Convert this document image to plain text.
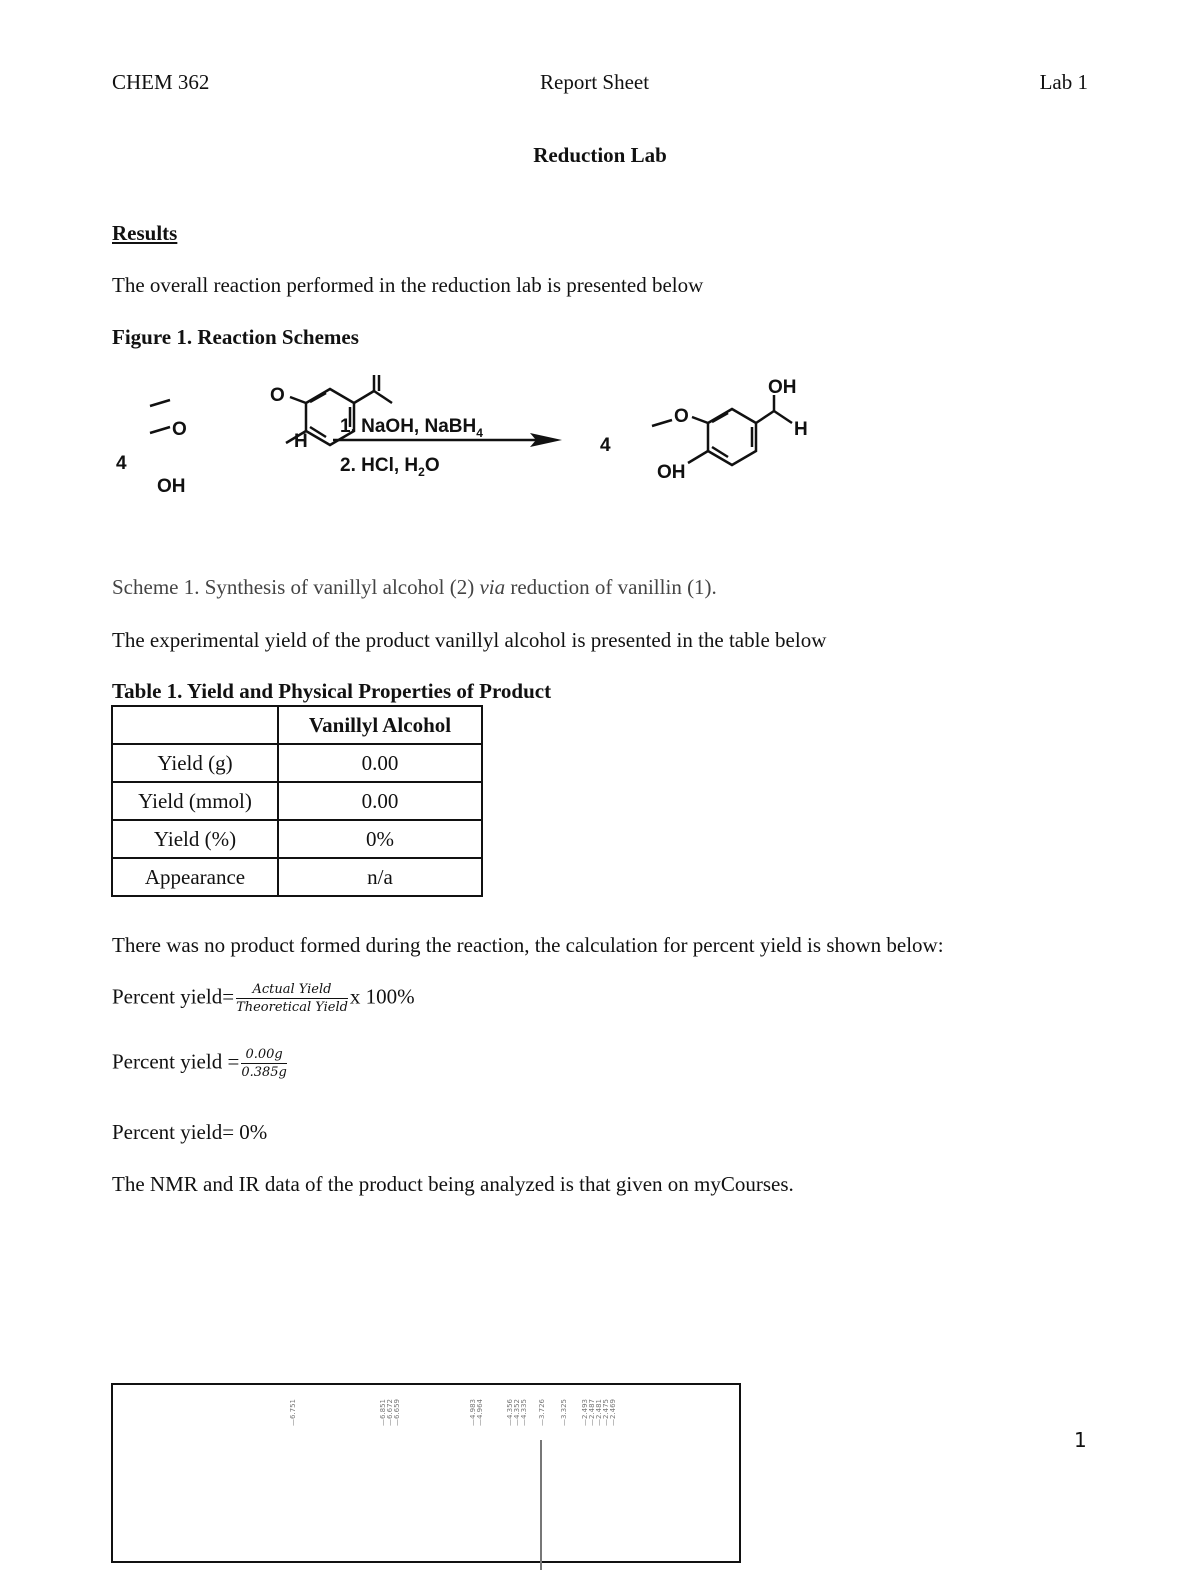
CHEM 362	Report Sheet	Lab 1
Reduction Lab
Results
The overall reaction performed in the reduction lab is presented below
Figure 1. Reaction Schemes
4
O
O
H
OH
1. NaOH, NaBH$_4$
2. HCl, $H_2O$
4
O
OH
H
OH
Scheme 1. Synthesis of vanillyl alcohol (2) via reduction of vanillin (1).
The experimental yield of the product vanillyl alcohol is presented in the table below
Table 1. Yield and Physical Properties of Product
	Vanillyl Alcohol
Yield (g)	0.00
Yield (mmol)	0.00
Yield (%)	0%
Appearance	n/a
There was no product formed during the reaction, the calculation for percent yield is shown below:
Percent yield= $\frac{\text{Actual Yield}}{\text{Theoretical Yield}}$ x 100%
Percent yield = $\frac{0.00g}{0.385g}$
Percent yield= 0%
The NMR and IR data of the product being analyzed is that given on myCourses.
—6.751	—6.851 —6.672 —6.659	—4.983 —4.964	—4.356 —4.352 —4.335 —3.726 —3.325 —2.493 —2.487 —2.481 —2.475 —2.469
1
